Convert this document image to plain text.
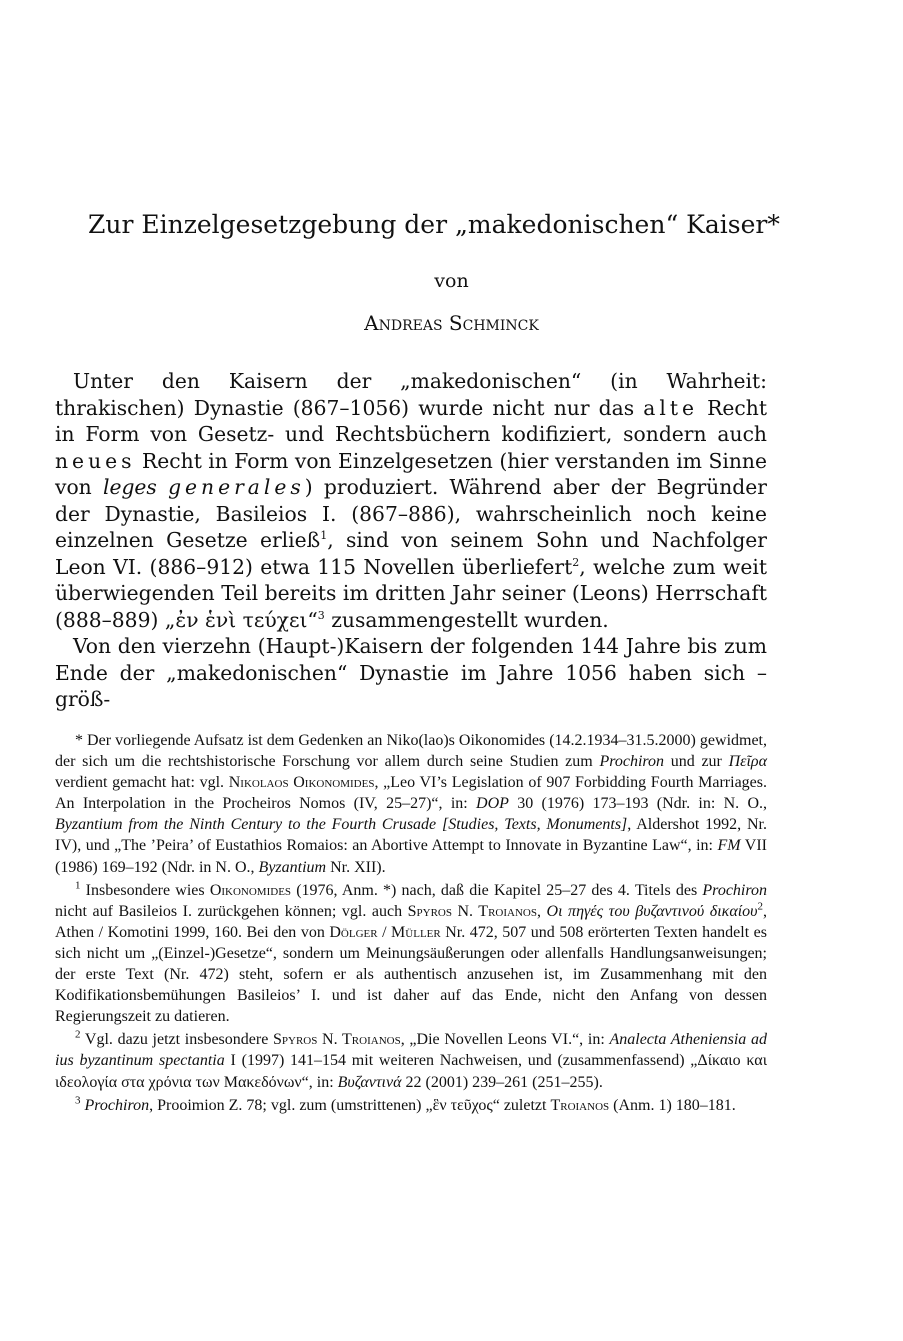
Zur Einzelgesetzgebung der „makedonischen“ Kaiser*
von
Andreas Schminck

Unter den Kaisern der „makedonischen“ (in Wahrheit: thrakischen) Dynastie (867–1056) wurde nicht nur das alte Recht in Form von Gesetz- und Rechtsbüchern kodifiziert, sondern auch neues Recht in Form von Einzelgesetzen (hier verstanden im Sinne von leges generales) produziert. Während aber der Begründer der Dynastie, Basileios I. (867–886), wahrscheinlich noch keine einzelnen Gesetze erließ$^1$, sind von seinem Sohn und Nachfolger Leon VI. (886–912) etwa 115 Novellen überliefert$^2$, welche zum weit überwiegenden Teil bereits im dritten Jahr seiner (Leons) Herrschaft (888–889) „ἐν ἑνὶ τεύχει“$^3$ zusammengestellt wurden.

Von den vierzehn (Haupt-)Kaisern der folgenden 144 Jahre bis zum Ende der „makedonischen“ Dynastie im Jahre 1056 haben sich – größ-

* Der vorliegende Aufsatz ist dem Gedenken an Niko(lao)s Oikonomides (14.2.1934–31.5.2000) gewidmet, der sich um die rechtshistorische Forschung vor allem durch seine Studien zum Prochiron und zur Πεῖρα verdient gemacht hat: vgl. Nikolaos Oikonomides, „Leo VI’s Legislation of 907 Forbidding Fourth Marriages. An Interpolation in the Procheiros Nomos (IV, 25–27)“, in: DOP 30 (1976) 173–193 (Ndr. in: N. O., Byzantium from the Ninth Century to the Fourth Crusade [Studies, Texts, Monuments], Aldershot 1992, Nr. IV), und „The ’Peira’ of Eustathios Romaios: an Abortive Attempt to Innovate in Byzantine Law“, in: FM VII (1986) 169–192 (Ndr. in N. O., Byzantium Nr. XII).

$^1$ Insbesondere wies Oikonomides (1976, Anm. *) nach, daß die Kapitel 25–27 des 4. Titels des Prochiron nicht auf Basileios I. zurückgehen können; vgl. auch Spyros N. Troianos, Οι πηγές του βυζαντινού δικαίου$^2$, Athen / Komotini 1999, 160. Bei den von Dölger / Müller Nr. 472, 507 und 508 erörterten Texten handelt es sich nicht um „(Einzel-)Gesetze“, sondern um Meinungsäußerungen oder allenfalls Handlungsanweisungen; der erste Text (Nr. 472) steht, sofern er als authentisch anzusehen ist, im Zusammenhang mit den Kodifikationsbemühungen Basileios’ I. und ist daher auf das Ende, nicht den Anfang von dessen Regierungszeit zu datieren.

$^2$ Vgl. dazu jetzt insbesondere Spyros N. Troianos, „Die Novellen Leons VI.“, in: Analecta Atheniensia ad ius byzantinum spectantia I (1997) 141–154 mit weiteren Nachweisen, und (zusammenfassend) „Δίκαιο και ιδεολογία στα χρόνια των Μακεδόνων“, in: Βυζαντινά 22 (2001) 239–261 (251–255).

$^3$ Prochiron, Prooimion Z. 78; vgl. zum (umstrittenen) „ἓν τεῦχος“ zuletzt Troianos (Anm. 1) 180–181.
